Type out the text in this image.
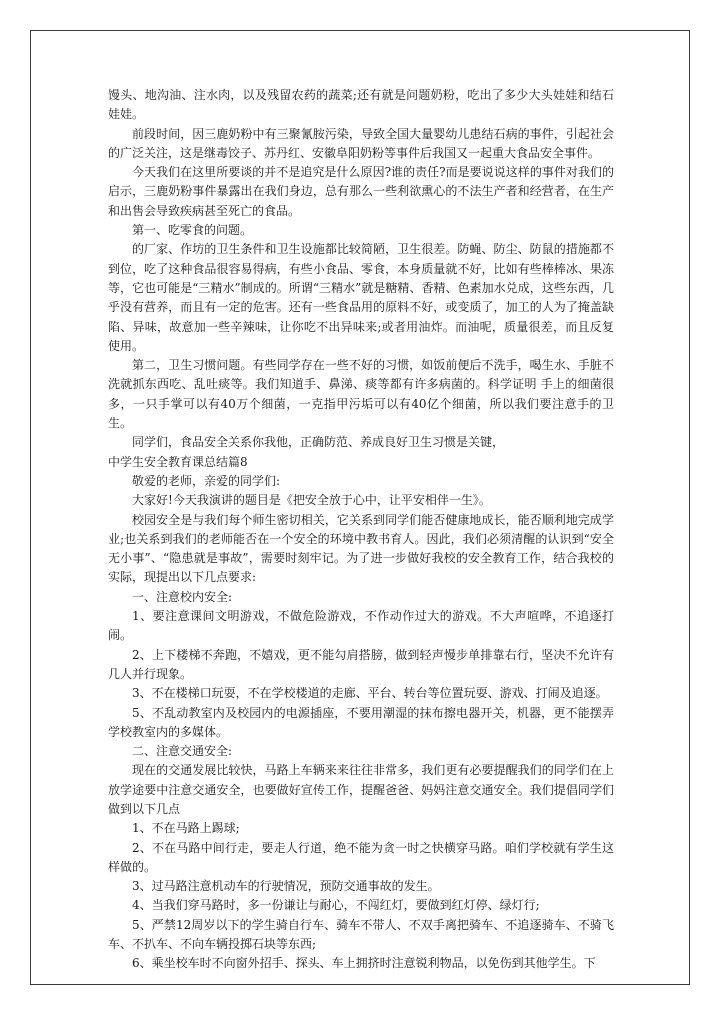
馒头、地沟油、注水肉，以及残留农药的蔬菜;还有就是问题奶粉，吃出了多少大头娃娃和结石娃娃。

前段时间，因三鹿奶粉中有三聚氰胺污染，导致全国大量婴幼儿患结石病的事件，引起社会的广泛关注，这是继毒饺子、苏丹红、安徽阜阳奶粉等事件后我国又一起重大食品安全事件。

今天我们在这里所要谈的并不是追究是什么原因?谁的责任?而是要说说这样的事件对我们的启示，三鹿奶粉事件暴露出在我们身边，总有那么一些利欲熏心的不法生产者和经营者，在生产和出售会导致疾病甚至死亡的食品。

第一、吃零食的问题。

的厂家、作坊的卫生条件和卫生设施都比较简陋，卫生很差。防蝇、防尘、防鼠的措施都不到位，吃了这种食品很容易得病，有些小食品、零食，本身质量就不好，比如有些棒棒冰、果冻等，它也可能是“三精水”制成的。所谓“三精水”就是糖精、香精、色素加水兑成，这些东西，几乎没有营养，而且有一定的危害。还有一些食品用的原料不好，或变质了，加工的人为了掩盖缺陷、异味，故意加一些辛辣味，让你吃不出异味来;或者用油炸。而油呢，质量很差，而且反复使用。

第二，卫生习惯问题。有些同学存在一些不好的习惯，如饭前便后不洗手，喝生水、手脏不洗就抓东西吃、乱吐痰等。我们知道手、鼻涕、痰等都有许多病菌的。科学证明 手上的细菌很多，一只手掌可以有40万个细菌，一克指甲污垢可以有40亿个细菌，所以我们要注意手的卫生。

同学们，食品安全关系你我他，正确防范、养成良好卫生习惯是关键，

中学生安全教育课总结篇8

敬爱的老师，亲爱的同学们:

大家好!今天我演讲的题目是《把安全放于心中，让平安相伴一生》。

校园安全是与我们每个师生密切相关，它关系到同学们能否健康地成长，能否顺利地完成学业;也关系到我们的老师能否在一个安全的环境中教书育人。因此，我们必须清醒的认识到“安全无小事”、“隐患就是事故”，需要时刻牢记。为了进一步做好我校的安全教育工作，结合我校的实际，现提出以下几点要求:

一、注意校内安全:

1、要注意课间文明游戏，不做危险游戏，不作动作过大的游戏。不大声喧哗，不追逐打闹。

2、上下楼梯不奔跑，不嬉戏，更不能勾肩搭膀，做到轻声慢步单排靠右行，坚决不允许有几人并行现象。

3、不在楼梯口玩耍，不在学校楼道的走廊、平台、转台等位置玩耍、游戏、打闹及追逐。

5、不乱动教室内及校园内的电源插座，不要用潮湿的抹布擦电器开关，机器，更不能摆弄学校教室内的多媒体。

二、注意交通安全:

现在的交通发展比较快，马路上车辆来来往往非常多，我们更有必要提醒我们的同学们在上放学途要中注意交通安全，也要做好宣传工作，提醒爸爸、妈妈注意交通安全。我们提倡同学们做到以下几点

1、不在马路上踢球;

2、不在马路中间行走，要走人行道，绝不能为贪一时之快横穿马路。咱们学校就有学生这样做的。

3、过马路注意机动车的行驶情况，预防交通事故的发生。

4、当我们穿马路时，多一份谦让与耐心，不闯红灯，要做到红灯停、绿灯行;

5、严禁12周岁以下的学生骑自行车、骑车不带人、不双手离把骑车、不追逐骑车、不骑飞车、不扒车、不向车辆投掷石块等东西;

6、乘坐校车时不向窗外招手、探头、车上拥挤时注意锐利物品，以免伤到其他学生。下
